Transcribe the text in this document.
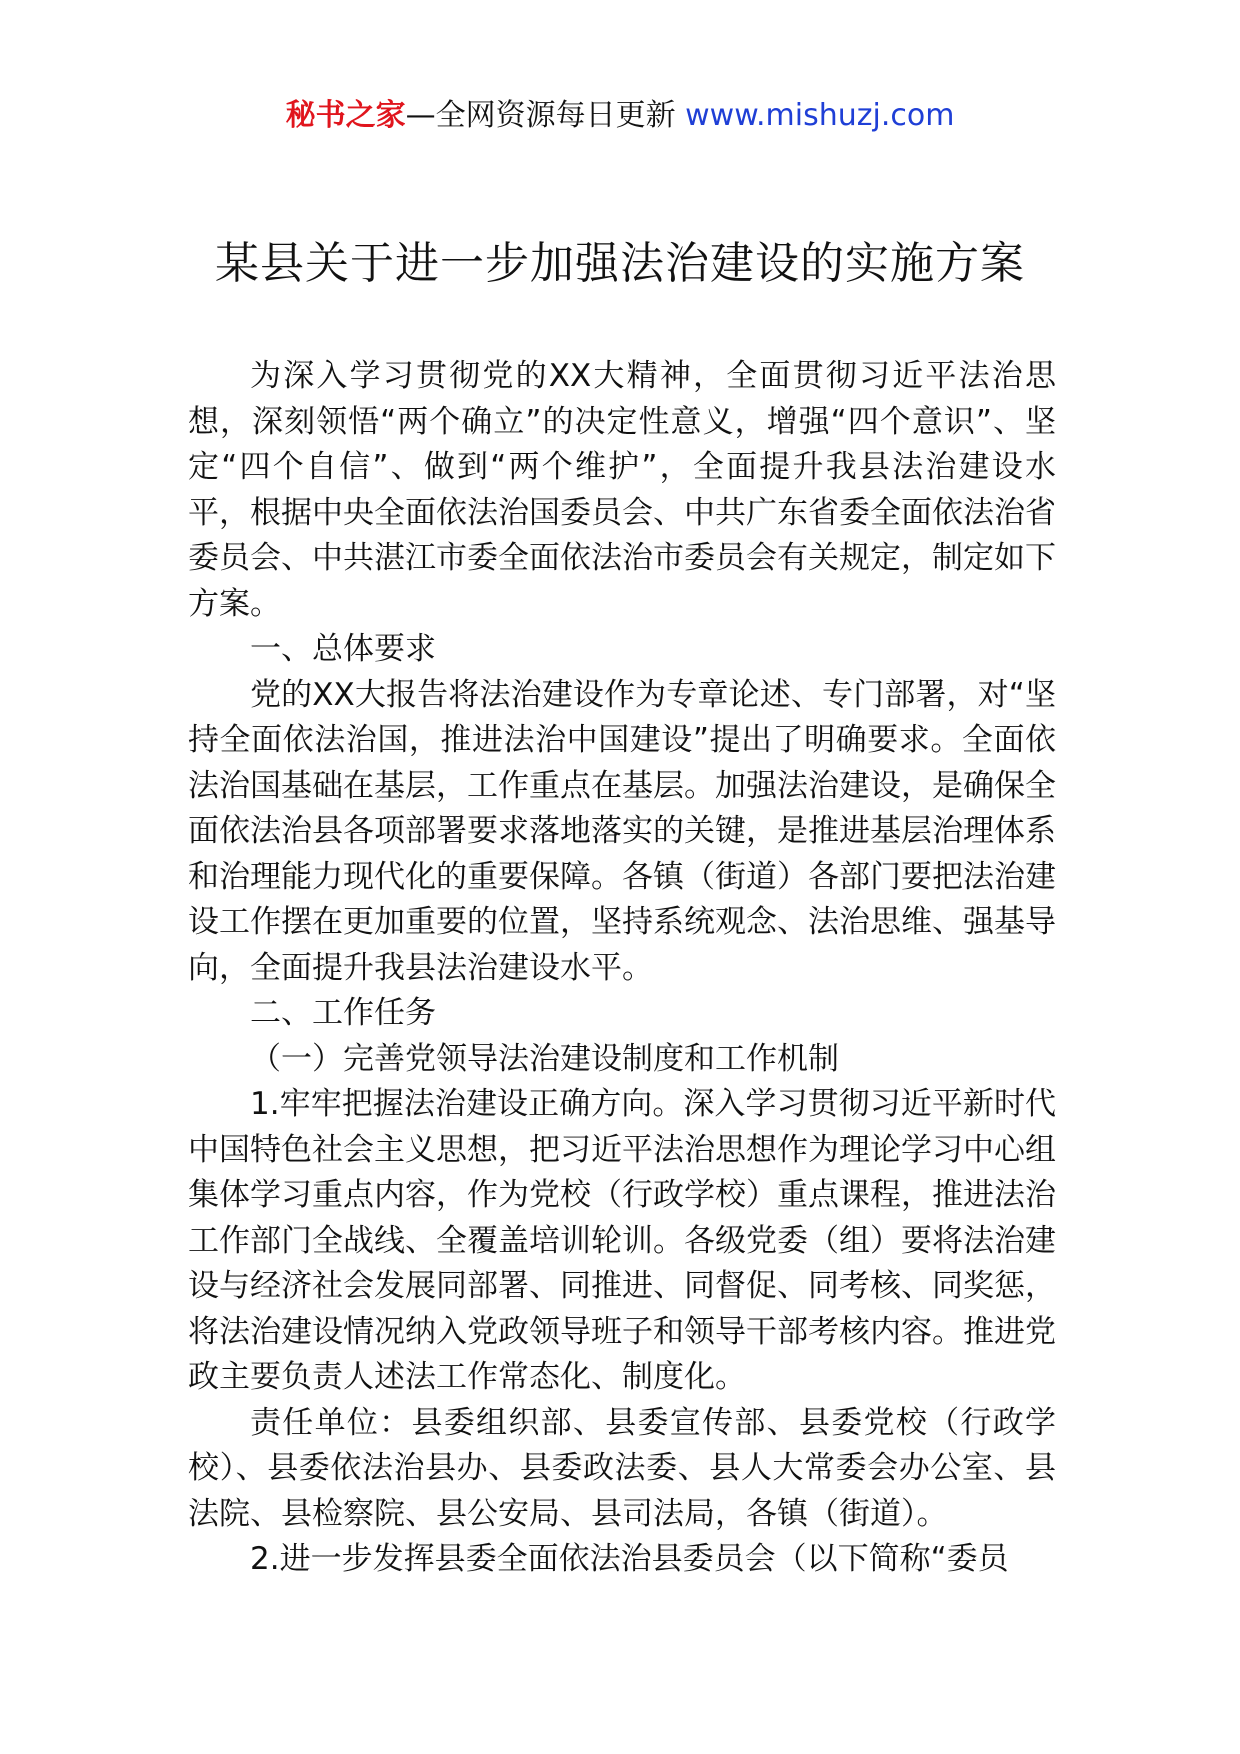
秘书之家—全网资源每日更新 www.mishuzj.com
某县关于进一步加强法治建设的实施方案

为深入学习贯彻党的XX大精神，全面贯彻习近平法治思想，深刻领悟“两个确立”的决定性意义，增强“四个意识”、坚定“四个自信”、做到“两个维护”，全面提升我县法治建设水平，根据中央全面依法治国委员会、中共广东省委全面依法治省委员会、中共湛江市委全面依法治市委员会有关规定，制定如下方案。

一、总体要求

党的XX大报告将法治建设作为专章论述、专门部署，对“坚持全面依法治国，推进法治中国建设”提出了明确要求。全面依法治国基础在基层，工作重点在基层。加强法治建设，是确保全面依法治县各项部署要求落地落实的关键，是推进基层治理体系和治理能力现代化的重要保障。各镇（街道）各部门要把法治建设工作摆在更加重要的位置，坚持系统观念、法治思维、强基导向，全面提升我县法治建设水平。

二、工作任务

（一）完善党领导法治建设制度和工作机制

1.牢牢把握法治建设正确方向。深入学习贯彻习近平新时代中国特色社会主义思想，把习近平法治思想作为理论学习中心组集体学习重点内容，作为党校（行政学校）重点课程，推进法治工作部门全战线、全覆盖培训轮训。各级党委（组）要将法治建设与经济社会发展同部署、同推进、同督促、同考核、同奖惩，将法治建设情况纳入党政领导班子和领导干部考核内容。推进党政主要负责人述法工作常态化、制度化。

责任单位：县委组织部、县委宣传部、县委党校（行政学校）、县委依法治县办、县委政法委、县人大常委会办公室、县法院、县检察院、县公安局、县司法局，各镇（街道）。

2.进一步发挥县委全面依法治县委员会（以下简称“委员
